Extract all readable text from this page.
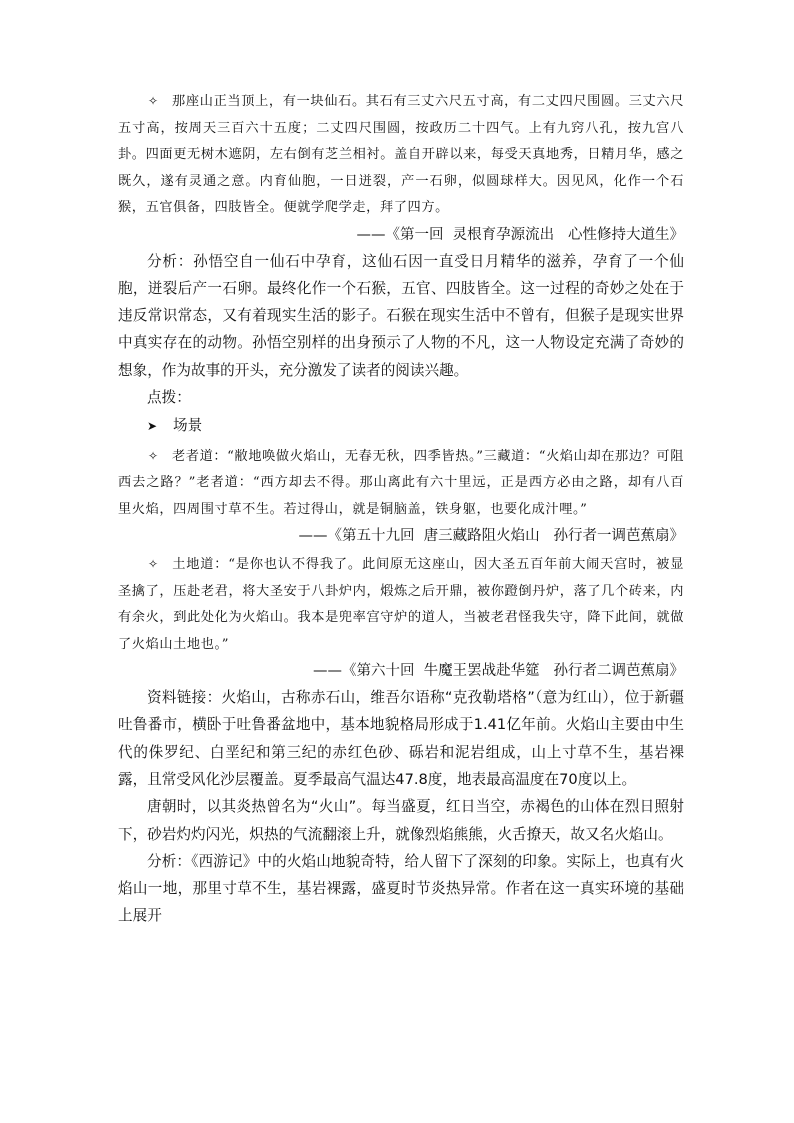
✧ 那座山正当顶上，有一块仙石。其石有三丈六尺五寸高，有二丈四尺围圆。三丈六尺五寸高，按周天三百六十五度；二丈四尺围圆，按政历二十四气。上有九窍八孔，按九宫八卦。四面更无树木遮阴，左右倒有芝兰相衬。盖自开辟以来，每受天真地秀，日精月华，感之既久，遂有灵通之意。内育仙胞，一日迸裂，产一石卵，似圆球样大。因见风，化作一个石猴，五官俱备，四肢皆全。便就学爬学走，拜了四方。

——《第一回  灵根育孕源流出   心性修持大道生》

分析：孙悟空自一仙石中孕育，这仙石因一直受日月精华的滋养，孕育了一个仙胞，迸裂后产一石卵。最终化作一个石猴，五官、四肢皆全。这一过程的奇妙之处在于违反常识常态，又有着现实生活的影子。石猴在现实生活中不曾有，但猴子是现实世界中真实存在的动物。孙悟空别样的出身预示了人物的不凡，这一人物设定充满了奇妙的想象，作为故事的开头，充分激发了读者的阅读兴趣。

点拨：

➤ 场景

✧ 老者道：“敝地唤做火焰山，无春无秋，四季皆热。”三藏道：“火焰山却在那边？可阻西去之路？”老者道：“西方却去不得。那山离此有六十里远，正是西方必由之路，却有八百里火焰，四周围寸草不生。若过得山，就是铜脑盖，铁身躯，也要化成汁哩。”

——《第五十九回  唐三藏路阻火焰山   孙行者一调芭蕉扇》

✧ 土地道：“是你也认不得我了。此间原无这座山，因大圣五百年前大闹天宫时，被显圣擒了，压赴老君，将大圣安于八卦炉内，煅炼之后开鼎，被你蹬倒丹炉，落了几个砖来，内有余火，到此处化为火焰山。我本是兜率宫守炉的道人，当被老君怪我失守，降下此间，就做了火焰山土地也。”

——《第六十回  牛魔王罢战赴华筵   孙行者二调芭蕉扇》

资料链接：火焰山，古称赤石山，维吾尔语称“克孜勒塔格”（意为红山），位于新疆吐鲁番市，横卧于吐鲁番盆地中，基本地貌格局形成于1.41亿年前。火焰山主要由中生代的侏罗纪、白垩纪和第三纪的赤红色砂、砾岩和泥岩组成，山上寸草不生，基岩裸露，且常受风化沙层覆盖。夏季最高气温达47.8度，地表最高温度在70度以上。

唐朝时，以其炎热曾名为“火山”。每当盛夏，红日当空，赤褐色的山体在烈日照射下，砂岩灼灼闪光，炽热的气流翻滚上升，就像烈焰熊熊，火舌撩天，故又名火焰山。

分析：《西游记》中的火焰山地貌奇特，给人留下了深刻的印象。实际上，也真有火焰山一地，那里寸草不生，基岩裸露，盛夏时节炎热异常。作者在这一真实环境的基础上展开
